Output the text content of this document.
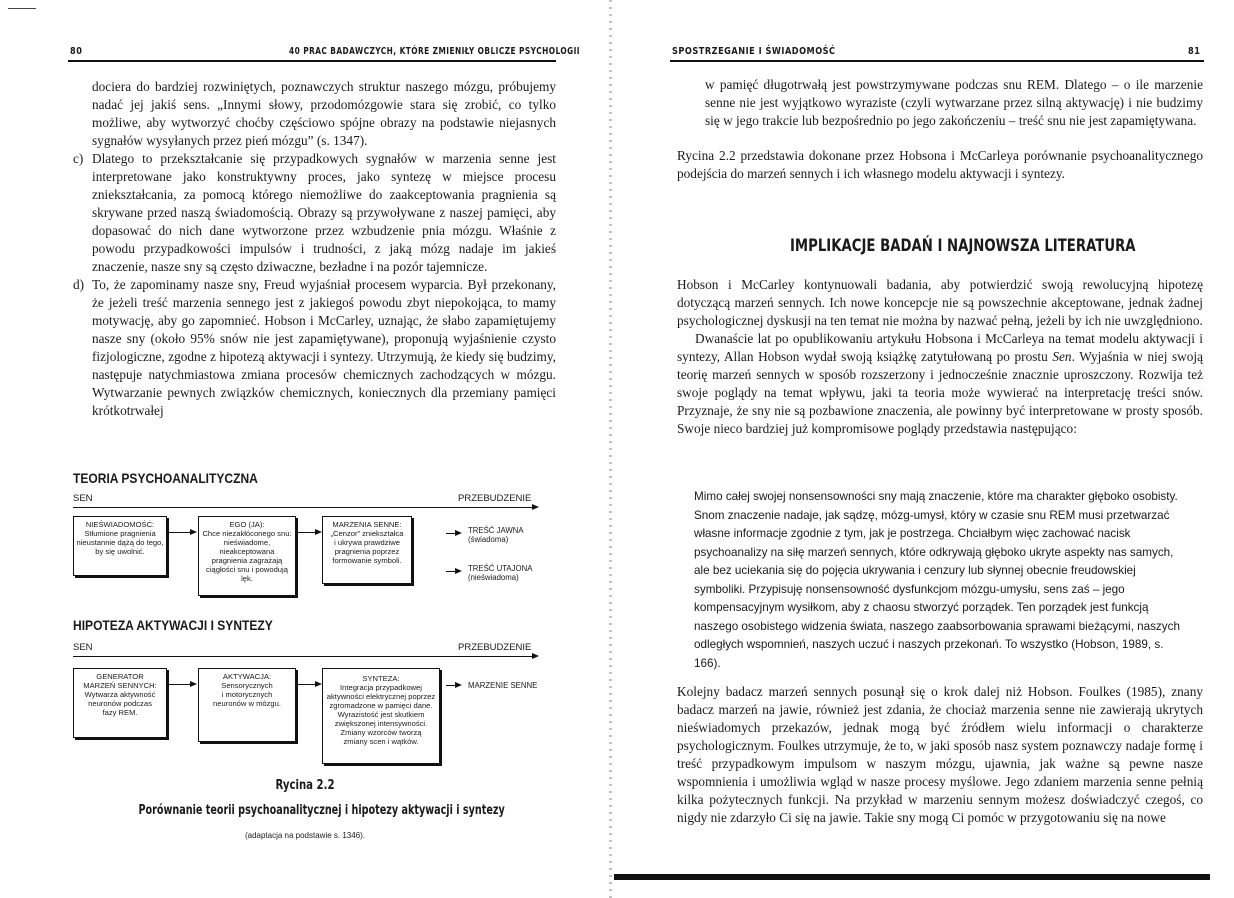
80	40 PRAC BADAWCZYCH, KTÓRE ZMIENIŁY OBLICZE PSYCHOLOGII

dociera do bardziej rozwiniętych, poznawczych struktur naszego mózgu, próbujemy nadać jej jakiś sens. „Innymi słowy, przodomózgowie stara się zrobić, co tylko możliwe, aby wytworzyć choćby częściowo spójne obrazy na podstawie niejasnych sygnałów wysyłanych przez pień mózgu” (s. 1347).

c) Dlatego to przekształcanie się przypadkowych sygnałów w marzenia senne jest interpretowane jako konstruktywny proces, jako syntezę w miejsce procesu zniekształcania, za pomocą którego niemożliwe do zaakceptowania pragnienia są skrywane przed naszą świadomością. Obrazy są przywoływane z naszej pamięci, aby dopasować do nich dane wytworzone przez wzbudzenie pnia mózgu. Właśnie z powodu przypadkowości impulsów i trudności, z jaką mózg nadaje im jakieś znaczenie, nasze sny są często dziwaczne, bezładne i na pozór tajemnicze.

d) To, że zapominamy nasze sny, Freud wyjaśniał procesem wyparcia. Był przekonany, że jeżeli treść marzenia sennego jest z jakiegoś powodu zbyt niepokojąca, to mamy motywację, aby go zapomnieć. Hobson i McCarley, uznając, że słabo zapamiętujemy nasze sny (około 95% snów nie jest zapamiętywane), proponują wyjaśnienie czysto fizjologiczne, zgodne z hipotezą aktywacji i syntezy. Utrzymują, że kiedy się budzimy, następuje natychmiastowa zmiana procesów chemicznych zachodzących w mózgu. Wytwarzanie pewnych związków chemicznych, koniecznych dla przemiany pamięci krótkotrwałej

TEORIA PSYCHOANALITYCZNA
SEN	PRZEBUDZENIE
NIEŚWIADOMOŚĆ:
Stłumione pragnienia
nieustannie dążą do tego,
by się uwolnić.
EGO (JA):
Chce niezakłóconego snu:
nieświadome,
nieakceptowana
pragnienia zagrażają
ciągłości snu i powodują lęk.
MARZENIA SENNE:
„Cenzor” zniekształca
i ukrywa prawdziwe
pragnienia poprzez
formowanie symboli.
TREŚĆ JAWNA
(świadoma)
TREŚĆ UTAJONA
(nieświadoma)
HIPOTEZA AKTYWACJI I SYNTEZY
SEN	PRZEBUDZENIE
GENERATOR
MARZEŃ SENNYCH:
Wytwarza aktywność
neuronów podczas
fazy REM.
AKTYWACJA:
Sensorycznych
i motorycznych
neuronów w mózgu.
SYNTEZA:
Integracja przypadkowej
aktywności elektrycznej poprzez
zgromadzone w pamięci dane.
Wyrazistość jest skutkiem
zwiększonej intensywności.
Zmiany wzorców tworzą
zmiany scen i wątków.
MARZENIE SENNE
Rycina 2.2
Porównanie teorii psychoanalitycznej i hipotezy aktywacji i syntezy
(adaptacja na podstawie s. 1346).
SPOSTRZEGANIE I ŚWIADOMOŚĆ	81

w pamięć długotrwałą jest powstrzymywane podczas snu REM. Dlatego – o ile marzenie senne nie jest wyjątkowo wyraziste (czyli wytwarzane przez silną aktywację) i nie budzimy się w jego trakcie lub bezpośrednio po jego zakończeniu – treść snu nie jest zapamiętywana.

Rycina 2.2 przedstawia dokonane przez Hobsona i McCarleya porównanie psychoanalitycznego podejścia do marzeń sennych i ich własnego modelu aktywacji i syntezy.

IMPLIKACJE BADAŃ I NAJNOWSZA LITERATURA

Hobson i McCarley kontynuowali badania, aby potwierdzić swoją rewolucyjną hipotezę dotyczącą marzeń sennych. Ich nowe koncepcje nie są powszechnie akceptowane, jednak żadnej psychologicznej dyskusji na ten temat nie można by nazwać pełną, jeżeli by ich nie uwzględniono.

Dwanaście lat po opublikowaniu artykułu Hobsona i McCarleya na temat modelu aktywacji i syntezy, Allan Hobson wydał swoją książkę zatytułowaną po prostu Sen. Wyjaśnia w niej swoją teorię marzeń sennych w sposób rozszerzony i jednocześnie znacznie uproszczony. Rozwija też swoje poglądy na temat wpływu, jaki ta teoria może wywierać na interpretację treści snów. Przyznaje, że sny nie są pozbawione znaczenia, ale powinny być interpretowane w prosty sposób. Swoje nieco bardziej już kompromisowe poglądy przedstawia następująco:

Mimo całej swojej nonsensowności sny mają znaczenie, które ma charakter głęboko osobisty. Snom znaczenie nadaje, jak sądzę, mózg-umysł, który w czasie snu REM musi przetwarzać własne informacje zgodnie z tym, jak je postrzega. Chciałbym więc zachować nacisk psychoanalizy na siłę marzeń sennych, które odkrywają głęboko ukryte aspekty nas samych, ale bez uciekania się do pojęcia ukrywania i cenzury lub słynnej obecnie freudowskiej symboliki. Przypisuję nonsensowność dysfunkcjom mózgu-umysłu, sens zaś – jego kompensacyjnym wysiłkom, aby z chaosu stworzyć porządek. Ten porządek jest funkcją naszego osobistego widzenia świata, naszego zaabsorbowania sprawami bieżącymi, naszych odległych wspomnień, naszych uczuć i naszych przekonań. To wszystko (Hobson, 1989, s. 166).

Kolejny badacz marzeń sennych posunął się o krok dalej niż Hobson. Foulkes (1985), znany badacz marzeń na jawie, również jest zdania, że chociaż marzenia senne nie zawierają ukrytych nieświadomych przekazów, jednak mogą być źródłem wielu informacji o charakterze psychologicznym. Foulkes utrzymuje, że to, w jaki sposób nasz system poznawczy nadaje formę i treść przypadkowym impulsom w naszym mózgu, ujawnia, jak ważne są pewne nasze wspomnienia i umożliwia wgląd w nasze procesy myślowe. Jego zdaniem marzenia senne pełnią kilka pożytecznych funkcji. Na przykład w marzeniu sennym możesz doświadczyć czegoś, co nigdy nie zdarzyło Ci się na jawie. Takie sny mogą Ci pomóc w przygotowaniu się na nowe
